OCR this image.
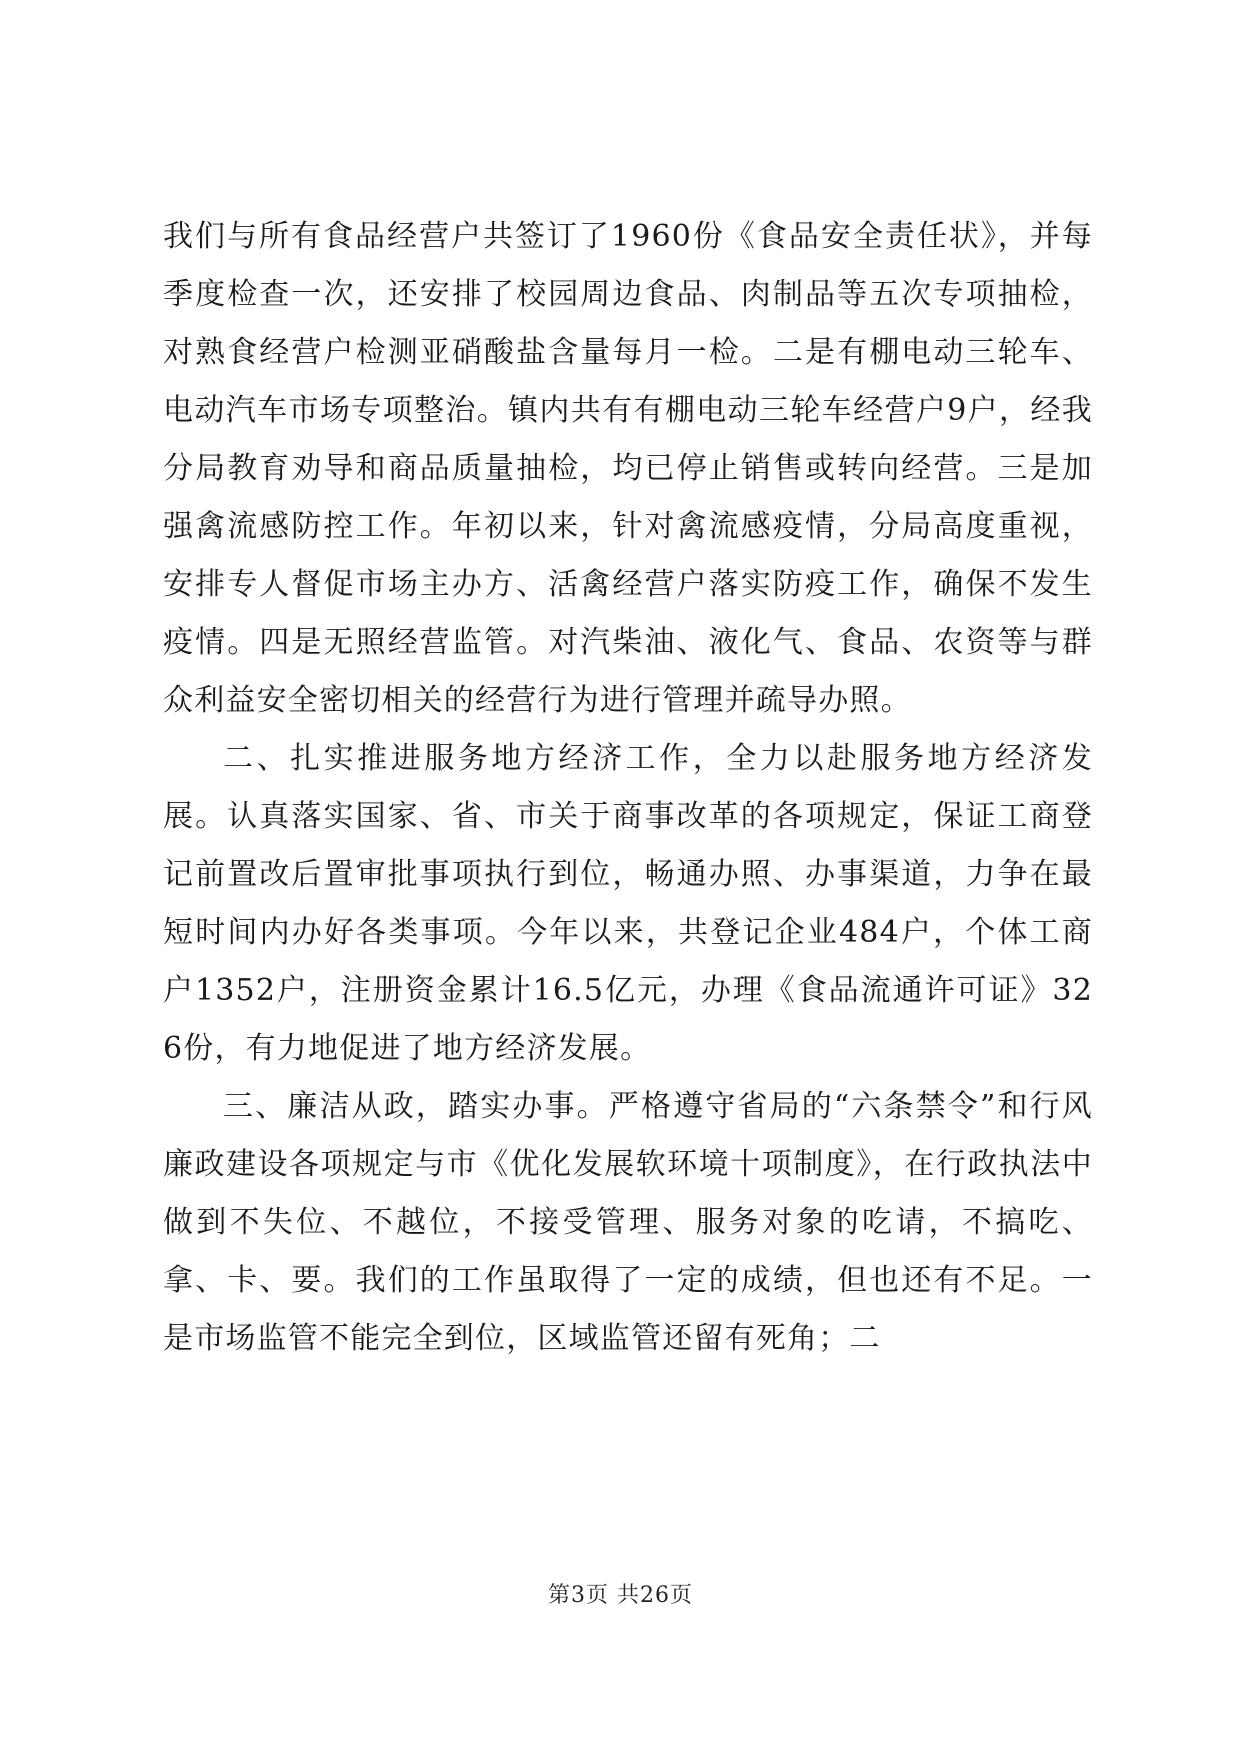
我们与所有食品经营户共签订了1960份《食品安全责任状》，并每季度检查一次，还安排了校园周边食品、肉制品等五次专项抽检，对熟食经营户检测亚硝酸盐含量每月一检。二是有棚电动三轮车、电动汽车市场专项整治。镇内共有有棚电动三轮车经营户9户，经我分局教育劝导和商品质量抽检，均已停止销售或转向经营。三是加强禽流感防控工作。年初以来，针对禽流感疫情，分局高度重视，安排专人督促市场主办方、活禽经营户落实防疫工作，确保不发生疫情。四是无照经营监管。对汽柴油、液化气、食品、农资等与群众利益安全密切相关的经营行为进行管理并疏导办照。

二、扎实推进服务地方经济工作，全力以赴服务地方经济发展。认真落实国家、省、市关于商事改革的各项规定，保证工商登记前置改后置审批事项执行到位，畅通办照、办事渠道，力争在最短时间内办好各类事项。今年以来，共登记企业484户，个体工商户1352户，注册资金累计16.5亿元，办理《食品流通许可证》326份，有力地促进了地方经济发展。

三、廉洁从政，踏实办事。严格遵守省局的“六条禁令”和行风廉政建设各项规定与市《优化发展软环境十项制度》，在行政执法中做到不失位、不越位，不接受管理、服务对象的吃请，不搞吃、拿、卡、要。我们的工作虽取得了一定的成绩，但也还有不足。一是市场监管不能完全到位，区域监管还留有死角；二

第3页 共26页
